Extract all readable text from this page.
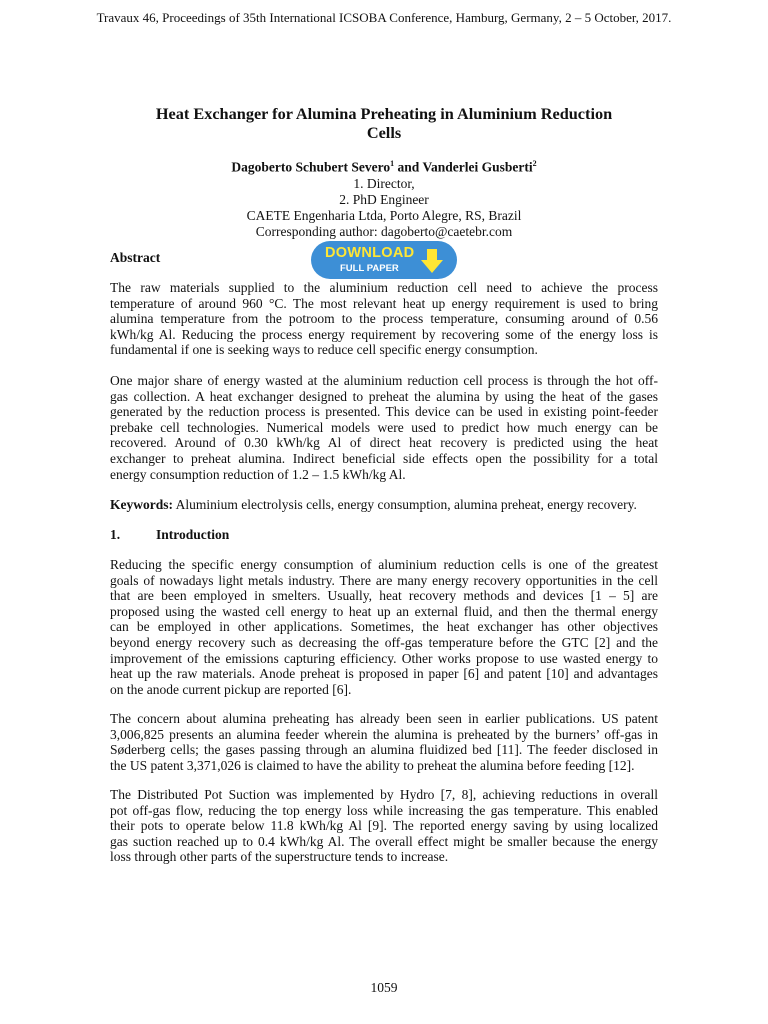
Travaux 46, Proceedings of 35th International ICSOBA Conference, Hamburg, Germany, 2 – 5 October, 2017.
Heat Exchanger for Alumina Preheating in Aluminium Reduction
Cells
Dagoberto Schubert Severo$^1$ and Vanderlei Gusberti$^2$
1. Director,
2. PhD Engineer
CAETE Engenharia Ltda, Porto Alegre, RS, Brazil
Corresponding author: dagoberto@caetebr.com
Abstract	DOWNLOAD
FULL PAPER
The raw materials supplied to the aluminium reduction cell need to achieve the process
temperature of around 960 °C. The most relevant heat up energy requirement is used to bring
alumina temperature from the potroom to the process temperature, consuming around of 0.56
kWh/kg Al. Reducing the process energy requirement by recovering some of the energy loss is
fundamental if one is seeking ways to reduce cell specific energy consumption.
One major share of energy wasted at the aluminium reduction cell process is through the hot off-
gas collection. A heat exchanger designed to preheat the alumina by using the heat of the gases
generated by the reduction process is presented. This device can be used in existing point-feeder
prebake cell technologies. Numerical models were used to predict how much energy can be
recovered. Around of 0.30 kWh/kg Al of direct heat recovery is predicted using the heat
exchanger to preheat alumina. Indirect beneficial side effects open the possibility for a total
energy consumption reduction of 1.2 – 1.5 kWh/kg Al.
Keywords: Aluminium electrolysis cells, energy consumption, alumina preheat, energy recovery.
1.	Introduction
Reducing the specific energy consumption of aluminium reduction cells is one of the greatest
goals of nowadays light metals industry. There are many energy recovery opportunities in the cell
that are been employed in smelters. Usually, heat recovery methods and devices [1 – 5] are
proposed using the wasted cell energy to heat up an external fluid, and then the thermal energy
can be employed in other applications. Sometimes, the heat exchanger has other objectives
beyond energy recovery such as decreasing the off-gas temperature before the GTC [2] and the
improvement of the emissions capturing efficiency. Other works propose to use wasted energy to
heat up the raw materials. Anode preheat is proposed in paper [6] and patent [10] and advantages
on the anode current pickup are reported [6].
The concern about alumina preheating has already been seen in earlier publications. US patent
3,006,825 presents an alumina feeder wherein the alumina is preheated by the burners’ off-gas in
Søderberg cells; the gases passing through an alumina fluidized bed [11]. The feeder disclosed in
the US patent 3,371,026 is claimed to have the ability to preheat the alumina before feeding [12].
The Distributed Pot Suction was implemented by Hydro [7, 8], achieving reductions in overall
pot off-gas flow, reducing the top energy loss while increasing the gas temperature. This enabled
their pots to operate below 11.8 kWh/kg Al [9]. The reported energy saving by using localized
gas suction reached up to 0.4 kWh/kg Al. The overall effect might be smaller because the energy
loss through other parts of the superstructure tends to increase.
1059
